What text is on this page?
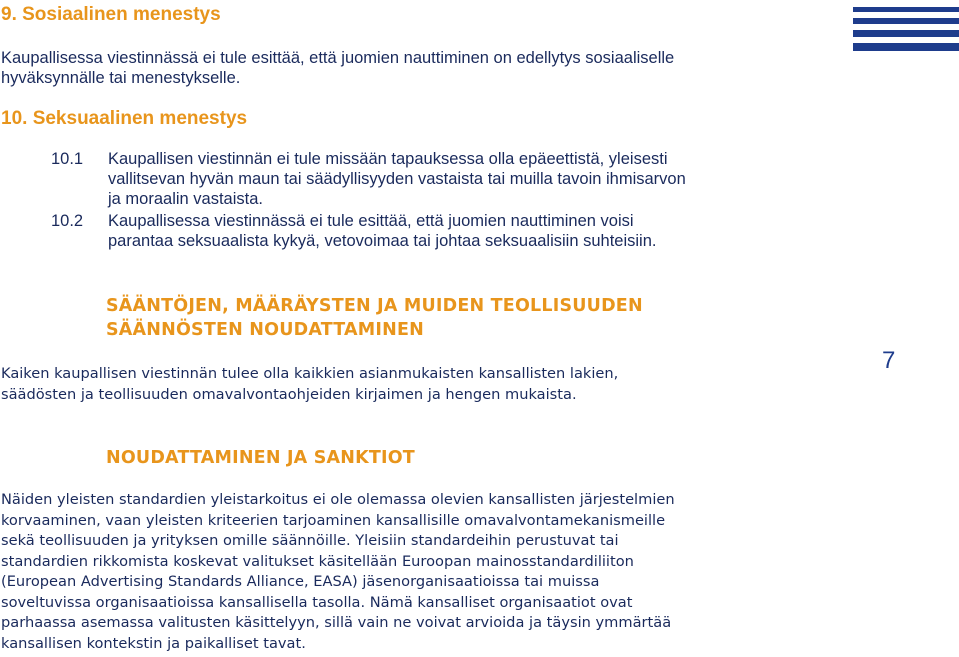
9. Sosiaalinen menestys
Kaupallisessa viestinnässä ei tule esittää, että juomien nauttiminen on edellytys sosiaaliselle
hyväksynnälle tai menestykselle.
10. Seksuaalinen menestys
10.1 Kaupallisen viestinnän ei tule missään tapauksessa olla epäeettistä, yleisesti
vallitsevan hyvän maun tai säädyllisyyden vastaista tai muilla tavoin ihmisarvon
ja moraalin vastaista.
10.2 Kaupallisessa viestinnässä ei tule esittää, että juomien nauttiminen voisi
parantaa seksuaalista kykyä, vetovoimaa tai johtaa seksuaalisiin suhteisiin.
SÄÄNTÖJEN, MÄÄRÄYSTEN JA MUIDEN TEOLLISUUDEN
SÄÄNNÖSTEN NOUDATTAMINEN
Kaiken kaupallisen viestinnän tulee olla kaikkien asianmukaisten kansallisten lakien,
säädösten ja teollisuuden omavalvontaohjeiden kirjaimen ja hengen mukaista.
7
NOUDATTAMINEN JA SANKTIOT
Näiden yleisten standardien yleistarkoitus ei ole olemassa olevien kansallisten järjestelmien
korvaaminen, vaan yleisten kriteerien tarjoaminen kansallisille omavalvontamekanismeille
sekä teollisuuden ja yrityksen omille säännöille. Yleisiin standardeihin perustuvat tai
standardien rikkomista koskevat valitukset käsitellään Euroopan mainosstandardiliiton
(European Advertising Standards Alliance, EASA) jäsenorganisaatioissa tai muissa
soveltuvissa organisaatioissa kansallisella tasolla. Nämä kansalliset organisaatiot ovat
parhaassa asemassa valitusten käsittelyyn, sillä vain ne voivat arvioida ja täysin ymmärtää
kansallisen kontekstin ja paikalliset tavat.
